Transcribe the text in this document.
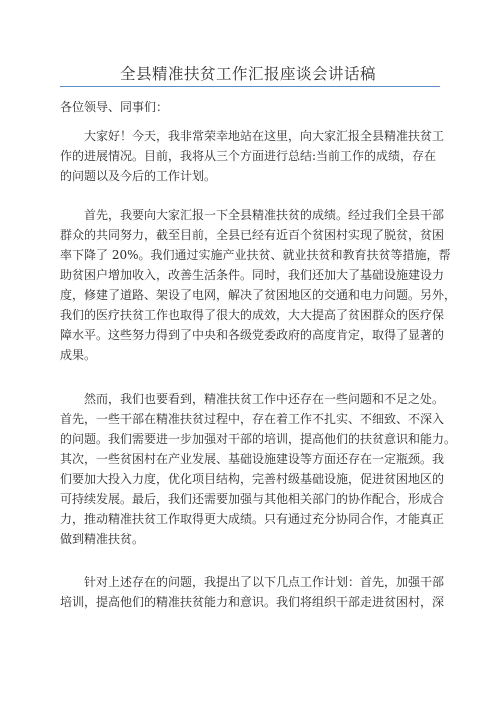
全县精准扶贫工作汇报座谈会讲话稿
各位领导、同事们：
大家好！今天，我非常荣幸地站在这里，向大家汇报全县精准扶贫工
作的进展情况。目前，我将从三个方面进行总结:当前工作的成绩，存在
的问题以及今后的工作计划。
首先，我要向大家汇报一下全县精准扶贫的成绩。经过我们全县干部
群众的共同努力，截至目前，全县已经有近百个贫困村实现了脱贫，贫困
率下降了 20%。我们通过实施产业扶贫、就业扶贫和教育扶贫等措施，帮
助贫困户增加收入，改善生活条件。同时，我们还加大了基础设施建设力
度，修建了道路、架设了电网，解决了贫困地区的交通和电力问题。另外，
我们的医疗扶贫工作也取得了很大的成效，大大提高了贫困群众的医疗保
障水平。这些努力得到了中央和各级党委政府的高度肯定，取得了显著的
成果。
然而，我们也要看到，精准扶贫工作中还存在一些问题和不足之处。
首先，一些干部在精准扶贫过程中，存在着工作不扎实、不细致、不深入
的问题。我们需要进一步加强对干部的培训，提高他们的扶贫意识和能力。
其次，一些贫困村在产业发展、基础设施建设等方面还存在一定瓶颈。我
们要加大投入力度，优化项目结构，完善村级基础设施，促进贫困地区的
可持续发展。最后，我们还需要加强与其他相关部门的协作配合，形成合
力，推动精准扶贫工作取得更大成绩。只有通过充分协同合作，才能真正
做到精准扶贫。
针对上述存在的问题，我提出了以下几点工作计划：首先，加强干部
培训，提高他们的精准扶贫能力和意识。我们将组织干部走进贫困村，深
